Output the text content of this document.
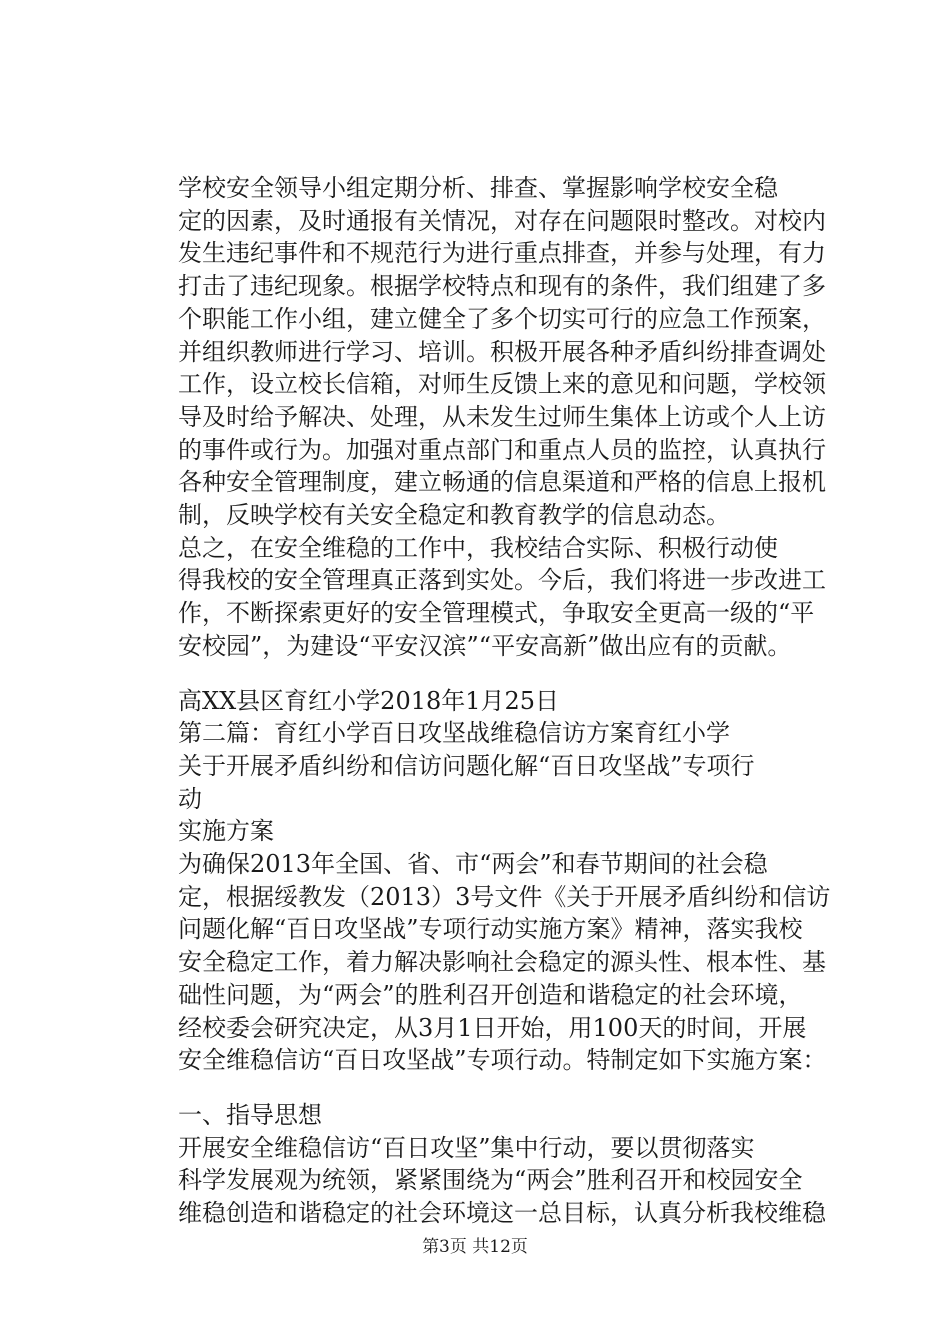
学校安全领导小组定期分析、排查、掌握影响学校安全稳
定的因素，及时通报有关情况，对存在问题限时整改。对校内
发生违纪事件和不规范行为进行重点排查，并参与处理，有力
打击了违纪现象。根据学校特点和现有的条件，我们组建了多
个职能工作小组，建立健全了多个切实可行的应急工作预案，
并组织教师进行学习、培训。积极开展各种矛盾纠纷排查调处
工作，设立校长信箱，对师生反馈上来的意见和问题，学校领
导及时给予解决、处理，从未发生过师生集体上访或个人上访
的事件或行为。加强对重点部门和重点人员的监控，认真执行
各种安全管理制度，建立畅通的信息渠道和严格的信息上报机
制，反映学校有关安全稳定和教育教学的信息动态。
总之，在安全维稳的工作中，我校结合实际、积极行动使
得我校的安全管理真正落到实处。今后，我们将进一步改进工
作，不断探索更好的安全管理模式，争取安全更高一级的“平
安校园”，为建设“平安汉滨”“平安高新”做出应有的贡献。
高XX县区育红小学2018年1月25日
第二篇：育红小学百日攻坚战维稳信访方案育红小学
关于开展矛盾纠纷和信访问题化解“百日攻坚战”专项行
动
实施方案
为确保2013年全国、省、市“两会”和春节期间的社会稳
定，根据绥教发（2013）3号文件《关于开展矛盾纠纷和信访
问题化解“百日攻坚战”专项行动实施方案》精神，落实我校
安全稳定工作，着力解决影响社会稳定的源头性、根本性、基
础性问题，为“两会”的胜利召开创造和谐稳定的社会环境，
经校委会研究决定，从3月1日开始，用100天的时间，开展
安全维稳信访“百日攻坚战”专项行动。特制定如下实施方案：
一、指导思想
开展安全维稳信访“百日攻坚”集中行动，要以贯彻落实
科学发展观为统领，紧紧围绕为“两会”胜利召开和校园安全
维稳创造和谐稳定的社会环境这一总目标，认真分析我校维稳
第3页 共12页
